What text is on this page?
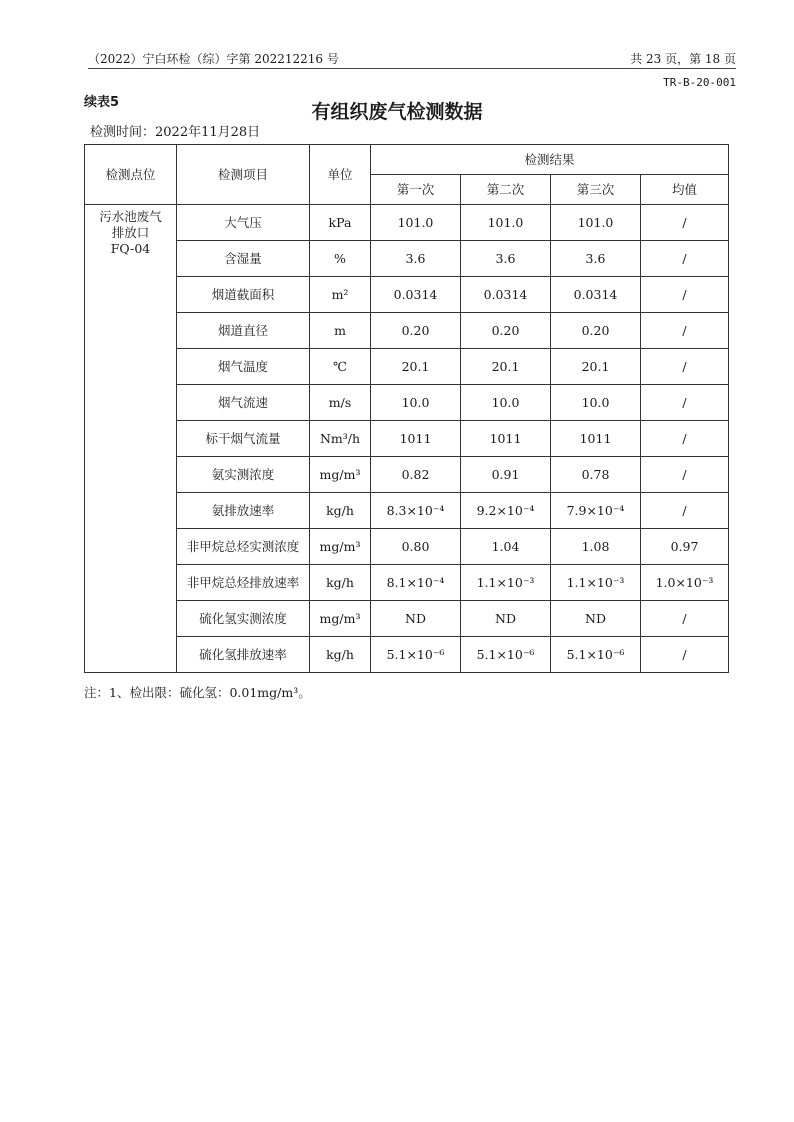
（2022）宁白环检（综）字第 202212216 号	共 23 页，第 18 页
TR-B-20-001
续表5	有组织废气检测数据
检测时间：2022年11月28日
检测点位	检测项目	单位	检测结果			
			第一次	第二次	第三次	均值

污水池废气
排放口
FQ-04	大气压	kPa	101.0	101.0	101.0	/
	含湿量	%	3.6	3.6	3.6	/
	烟道截面积	m²	0.0314	0.0314	0.0314	/
	烟道直径	m	0.20	0.20	0.20	/
	烟气温度	℃	20.1	20.1	20.1	/
	烟气流速	m/s	10.0	10.0	10.0	/
	标干烟气流量	Nm³/h	1011	1011	1011	/
	氨实测浓度	mg/m³	0.82	0.91	0.78	/
	氨排放速率	kg/h	8.3×10⁻⁴	9.2×10⁻⁴	7.9×10⁻⁴	/
	非甲烷总烃实测浓度	mg/m³	0.80	1.04	1.08	0.97
	非甲烷总烃排放速率	kg/h	8.1×10⁻⁴	1.1×10⁻³	1.1×10⁻³	1.0×10⁻³
	硫化氢实测浓度	mg/m³	ND	ND	ND	/
	硫化氢排放速率	kg/h	5.1×10⁻⁶	5.1×10⁻⁶	5.1×10⁻⁶	/
注：1、检出限：硫化氢：0.01mg/m³。
